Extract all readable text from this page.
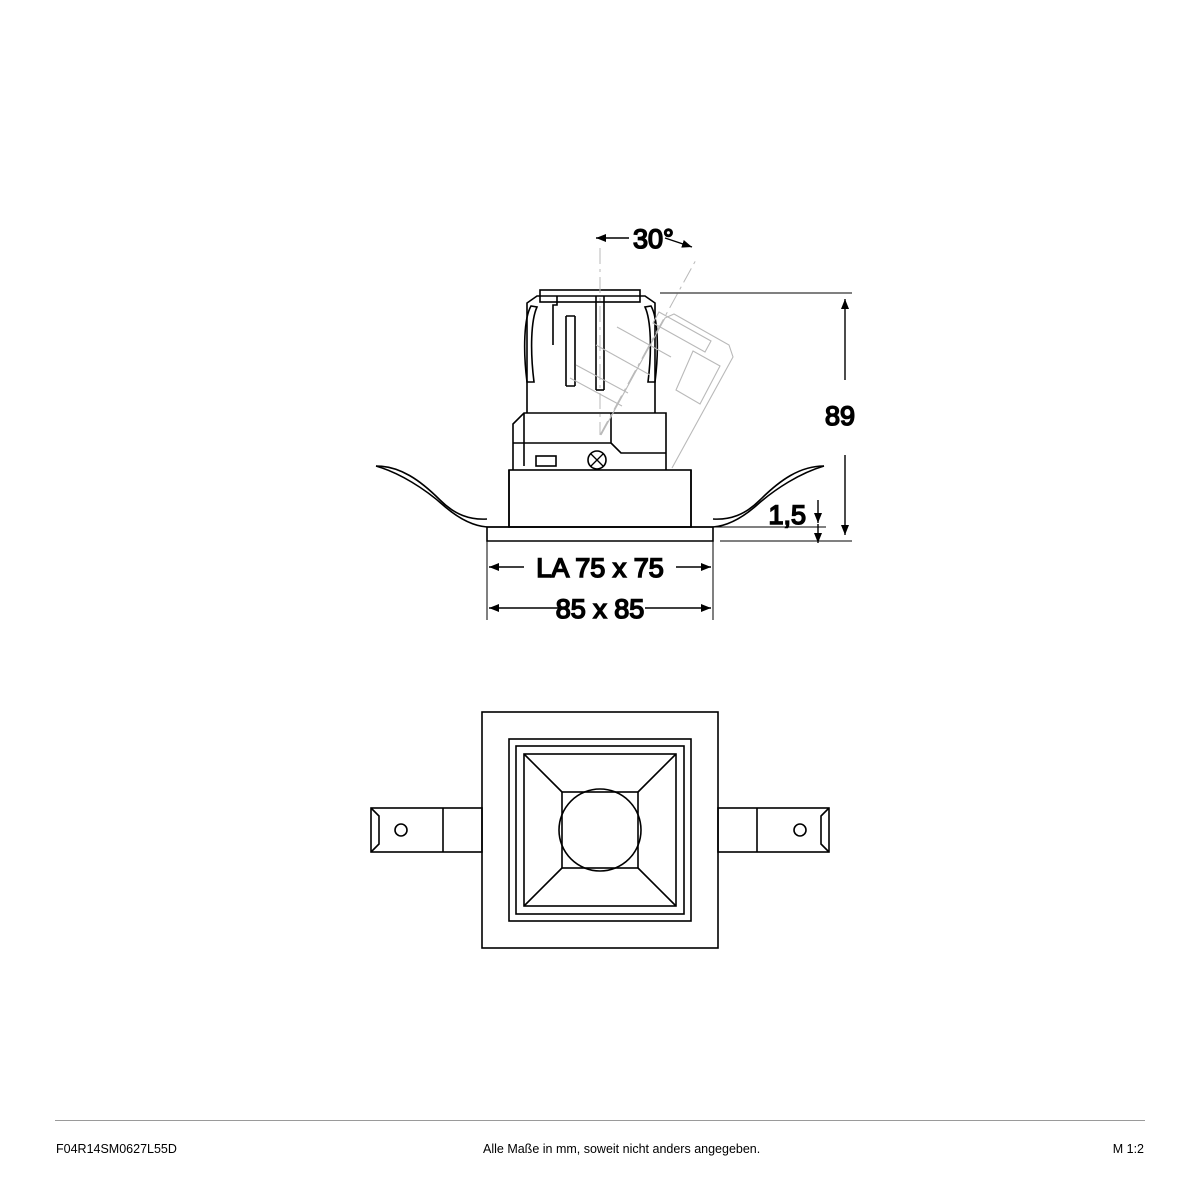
30°
89
1,5
LA 75 x 75
85 x 85
F04R14SM0627L55D	Alle Maße in mm, soweit nicht anders angegeben.	M 1:2
